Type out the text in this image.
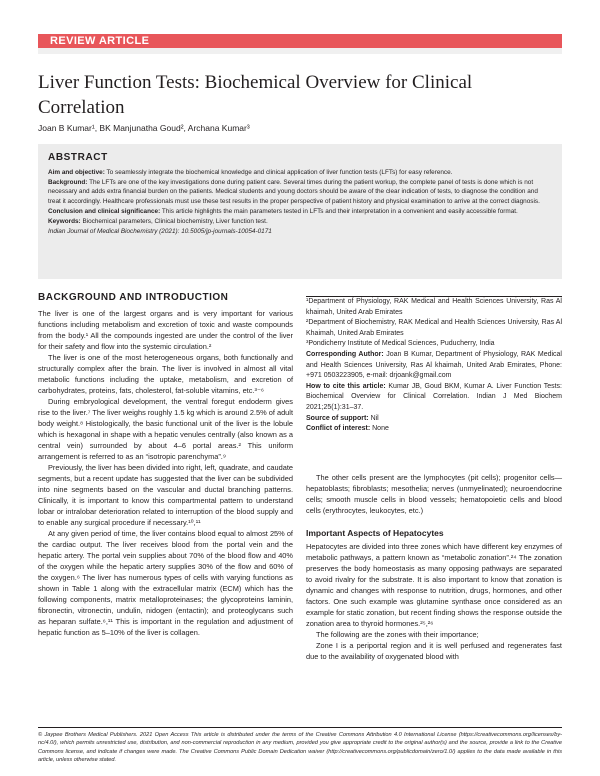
REVIEW ARTICLE
Liver Function Tests: Biochemical Overview for Clinical Correlation
Joan B Kumar¹, BK Manjunatha Goud², Archana Kumar³
ABSTRACT

Aim and objective: To seamlessly integrate the biochemical knowledge and clinical application of liver function tests (LFTs) for easy reference.

Background: The LFTs are one of the key investigations done during patient care. Several times during the patient workup, the complete panel of tests is done which is not necessary and adds extra financial burden on the patients. Medical students and young doctors should be aware of the clear indication of tests, to diagnose the condition and treat it accordingly. Healthcare professionals must use these test results in the proper perspective of patient history and physical examination to arrive at the correct diagnosis.

Conclusion and clinical significance: This article highlights the main parameters tested in LFTs and their interpretation in a convenient and easily accessible format.

Keywords: Biochemical parameters, Clinical biochemistry, Liver function test.

Indian Journal of Medical Biochemistry (2021): 10.5005/jp-journals-10054-0171

BACKGROUND AND INTRODUCTION

The liver is one of the largest organs and is very important for various functions including metabolism and excretion of toxic and waste compounds from the body.¹ All the compounds ingested are under the control of the liver for their safety and flow into the systemic circulation.²

The liver is one of the most heterogeneous organs, both functionally and structurally complex after the brain. The liver is involved in almost all vital metabolic functions including the uptake, metabolism, and excretion of carbohydrates, proteins, fats, cholesterol, fat-soluble vitamins, etc.³⁻⁶

During embryological development, the ventral foregut endoderm gives rise to the liver.⁷ The liver weighs roughly 1.5 kg which is around 2.5% of adult body weight.⁸ Histologically, the basic functional unit of the liver is the lobule which is hexagonal in shape with a hepatic venules centrally (also known as a central vein) surrounded by about 4–6 portal areas.² This uniform arrangement is referred to as an “isotropic parenchyma”.⁹

Previously, the liver has been divided into right, left, quadrate, and caudate segments, but a recent update has suggested that the liver can be subdivided into nine segments based on the vascular and ductal branching patterns. Clinically, it is important to know this compartmental pattern to understand lobar or intralobar deterioration related to interruption of the blood supply and to enable any surgical procedure if necessary.¹⁰,¹¹

At any given period of time, the liver contains blood equal to almost 25% of the cardiac output. The liver receives blood from the portal vein and the hepatic artery. The portal vein supplies about 70% of the blood flow and 40% of the oxygen while the hepatic artery supplies 30% of the flow and 60% of the oxygen.⁶ The liver has numerous types of cells with varying functions as shown in Table 1 along with the extracellular matrix (ECM) which has the following components, matrix metalloproteinases; the glycoproteins laminin, fibronectin, vitronectin, undulin, nidogen (entactin); and proteoglycans such as heparan sulfate.⁶,¹¹ This is important in the regulation and adjustment of hepatic function as 5–10% of the liver is collagen.

¹Department of Physiology, RAK Medical and Health Sciences University, Ras Al khaimah, United Arab Emirates

²Department of Biochemistry, RAK Medical and Health Sciences University, Ras Al Khaimah, United Arab Emirates

³Pondicherry Institute of Medical Sciences, Puducherry, India

Corresponding Author: Joan B Kumar, Department of Physiology, RAK Medical and Health Sciences University, Ras Al khaimah, United Arab Emirates, Phone: +971 0503223905, e-mail: drjoank@gmail.com

How to cite this article: Kumar JB, Goud BKM, Kumar A. Liver Function Tests: Biochemical Overview for Clinical Correlation. Indian J Med Biochem 2021;25(1):31–37.

Source of support: Nil

Conflict of interest: None

The other cells present are the lymphocytes (pit cells); progenitor cells—hepatoblasts; fibroblasts; mesothelia; nerves (unmyelinated); neuroendocrine cells; smooth muscle cells in blood vessels; hematopoietic cells and blood cells (erythrocytes, leukocytes, etc.)

Important Aspects of Hepatocytes

Hepatocytes are divided into three zones which have different key enzymes of metabolic pathways, a pattern known as “metabolic zonation”.²⁴ The zonation preserves the body homeostasis as many opposing pathways are separated to avoid rivalry for the substrate. It is also important to know that zonation is dynamic and changes with response to nutrition, drugs, hormones, and other factors. One such example was glutamine synthase once considered as an example for static zonation, but recent finding shows the response outside the zonation area to thyroid hormones.²⁵,²⁶

The following are the zones with their importance;

Zone I is a periportal region and it is well perfused and regenerates fast due to the availability of oxygenated blood with

© Jaypee Brothers Medical Publishers. 2021 Open Access This article is distributed under the terms of the Creative Commons Attribution 4.0 International License (https://creativecommons.org/licenses/by-nc/4.0/), which permits unrestricted use, distribution, and non-commercial reproduction in any medium, provided you give appropriate credit to the original author(s) and the source, provide a link to the Creative Commons license, and indicate if changes were made. The Creative Commons Public Domain Dedication waiver (http://creativecommons.org/publicdomain/zero/1.0/) applies to the data made available in this article, unless otherwise stated.
